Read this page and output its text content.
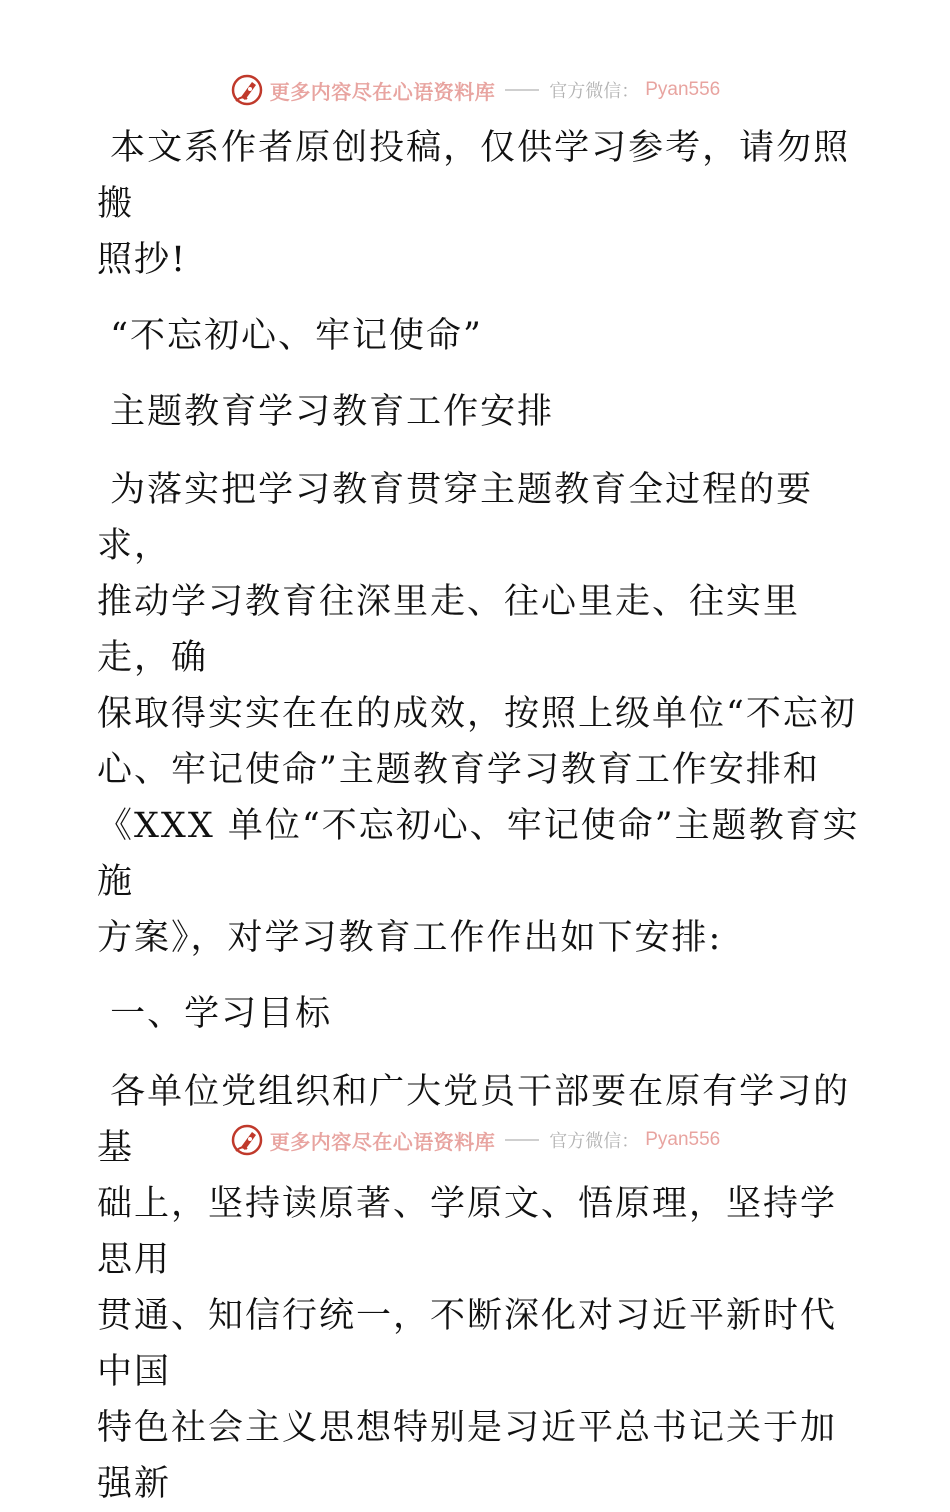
更多内容尽在心语资料库	官方微信： Pyan556

本文系作者原创投稿，仅供学习参考，请勿照搬
照抄!

“不忘初心、牢记使命”

主题教育学习教育工作安排

为落实把学习教育贯穿主题教育全过程的要求，
推动学习教育往深里走、往心里走、往实里走，确
保取得实实在在的成效，按照上级单位“不忘初
心、牢记使命”主题教育学习教育工作安排和
《XXX 单位“不忘初心、牢记使命”主题教育实施
方案》，对学习教育工作作出如下安排:

一、学习目标

各单位党组织和广大党员干部要在原有学习的基
础上，坚持读原著、学原文、悟原理，坚持学思用
贯通、知信行统一，不断深化对习近平新时代中国
特色社会主义思想特别是习近平总书记关于加强新

更多内容尽在心语资料库	官方微信： Pyan556
